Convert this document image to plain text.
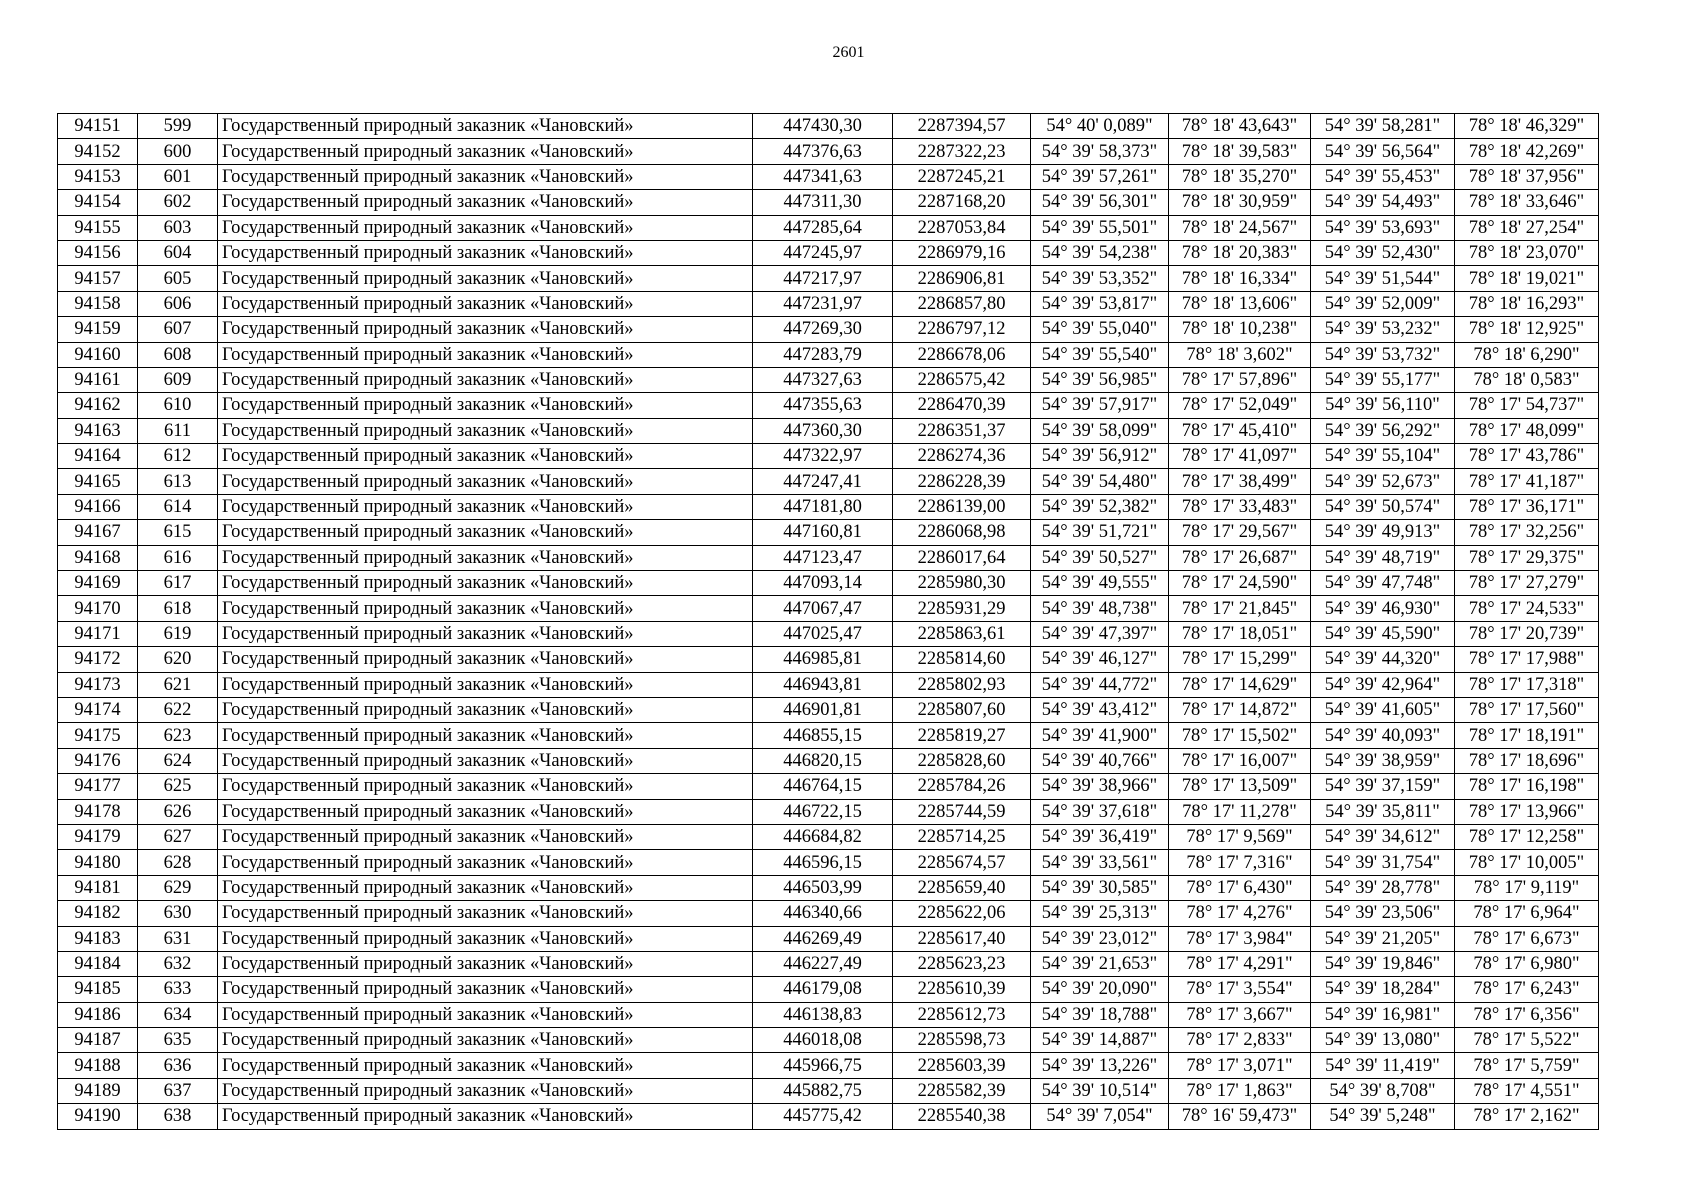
2601
94151	599	Государственный природный заказник «Чановский»	447430,30	2287394,57	54° 40' 0,089"	78° 18' 43,643"	54° 39' 58,281"	78° 18' 46,329"
94152	600	Государственный природный заказник «Чановский»	447376,63	2287322,23	54° 39' 58,373"	78° 18' 39,583"	54° 39' 56,564"	78° 18' 42,269"
94153	601	Государственный природный заказник «Чановский»	447341,63	2287245,21	54° 39' 57,261"	78° 18' 35,270"	54° 39' 55,453"	78° 18' 37,956"
94154	602	Государственный природный заказник «Чановский»	447311,30	2287168,20	54° 39' 56,301"	78° 18' 30,959"	54° 39' 54,493"	78° 18' 33,646"
94155	603	Государственный природный заказник «Чановский»	447285,64	2287053,84	54° 39' 55,501"	78° 18' 24,567"	54° 39' 53,693"	78° 18' 27,254"
94156	604	Государственный природный заказник «Чановский»	447245,97	2286979,16	54° 39' 54,238"	78° 18' 20,383"	54° 39' 52,430"	78° 18' 23,070"
94157	605	Государственный природный заказник «Чановский»	447217,97	2286906,81	54° 39' 53,352"	78° 18' 16,334"	54° 39' 51,544"	78° 18' 19,021"
94158	606	Государственный природный заказник «Чановский»	447231,97	2286857,80	54° 39' 53,817"	78° 18' 13,606"	54° 39' 52,009"	78° 18' 16,293"
94159	607	Государственный природный заказник «Чановский»	447269,30	2286797,12	54° 39' 55,040"	78° 18' 10,238"	54° 39' 53,232"	78° 18' 12,925"
94160	608	Государственный природный заказник «Чановский»	447283,79	2286678,06	54° 39' 55,540"	78° 18' 3,602"	54° 39' 53,732"	78° 18' 6,290"
94161	609	Государственный природный заказник «Чановский»	447327,63	2286575,42	54° 39' 56,985"	78° 17' 57,896"	54° 39' 55,177"	78° 18' 0,583"
94162	610	Государственный природный заказник «Чановский»	447355,63	2286470,39	54° 39' 57,917"	78° 17' 52,049"	54° 39' 56,110"	78° 17' 54,737"
94163	611	Государственный природный заказник «Чановский»	447360,30	2286351,37	54° 39' 58,099"	78° 17' 45,410"	54° 39' 56,292"	78° 17' 48,099"
94164	612	Государственный природный заказник «Чановский»	447322,97	2286274,36	54° 39' 56,912"	78° 17' 41,097"	54° 39' 55,104"	78° 17' 43,786"
94165	613	Государственный природный заказник «Чановский»	447247,41	2286228,39	54° 39' 54,480"	78° 17' 38,499"	54° 39' 52,673"	78° 17' 41,187"
94166	614	Государственный природный заказник «Чановский»	447181,80	2286139,00	54° 39' 52,382"	78° 17' 33,483"	54° 39' 50,574"	78° 17' 36,171"
94167	615	Государственный природный заказник «Чановский»	447160,81	2286068,98	54° 39' 51,721"	78° 17' 29,567"	54° 39' 49,913"	78° 17' 32,256"
94168	616	Государственный природный заказник «Чановский»	447123,47	2286017,64	54° 39' 50,527"	78° 17' 26,687"	54° 39' 48,719"	78° 17' 29,375"
94169	617	Государственный природный заказник «Чановский»	447093,14	2285980,30	54° 39' 49,555"	78° 17' 24,590"	54° 39' 47,748"	78° 17' 27,279"
94170	618	Государственный природный заказник «Чановский»	447067,47	2285931,29	54° 39' 48,738"	78° 17' 21,845"	54° 39' 46,930"	78° 17' 24,533"
94171	619	Государственный природный заказник «Чановский»	447025,47	2285863,61	54° 39' 47,397"	78° 17' 18,051"	54° 39' 45,590"	78° 17' 20,739"
94172	620	Государственный природный заказник «Чановский»	446985,81	2285814,60	54° 39' 46,127"	78° 17' 15,299"	54° 39' 44,320"	78° 17' 17,988"
94173	621	Государственный природный заказник «Чановский»	446943,81	2285802,93	54° 39' 44,772"	78° 17' 14,629"	54° 39' 42,964"	78° 17' 17,318"
94174	622	Государственный природный заказник «Чановский»	446901,81	2285807,60	54° 39' 43,412"	78° 17' 14,872"	54° 39' 41,605"	78° 17' 17,560"
94175	623	Государственный природный заказник «Чановский»	446855,15	2285819,27	54° 39' 41,900"	78° 17' 15,502"	54° 39' 40,093"	78° 17' 18,191"
94176	624	Государственный природный заказник «Чановский»	446820,15	2285828,60	54° 39' 40,766"	78° 17' 16,007"	54° 39' 38,959"	78° 17' 18,696"
94177	625	Государственный природный заказник «Чановский»	446764,15	2285784,26	54° 39' 38,966"	78° 17' 13,509"	54° 39' 37,159"	78° 17' 16,198"
94178	626	Государственный природный заказник «Чановский»	446722,15	2285744,59	54° 39' 37,618"	78° 17' 11,278"	54° 39' 35,811"	78° 17' 13,966"
94179	627	Государственный природный заказник «Чановский»	446684,82	2285714,25	54° 39' 36,419"	78° 17' 9,569"	54° 39' 34,612"	78° 17' 12,258"
94180	628	Государственный природный заказник «Чановский»	446596,15	2285674,57	54° 39' 33,561"	78° 17' 7,316"	54° 39' 31,754"	78° 17' 10,005"
94181	629	Государственный природный заказник «Чановский»	446503,99	2285659,40	54° 39' 30,585"	78° 17' 6,430"	54° 39' 28,778"	78° 17' 9,119"
94182	630	Государственный природный заказник «Чановский»	446340,66	2285622,06	54° 39' 25,313"	78° 17' 4,276"	54° 39' 23,506"	78° 17' 6,964"
94183	631	Государственный природный заказник «Чановский»	446269,49	2285617,40	54° 39' 23,012"	78° 17' 3,984"	54° 39' 21,205"	78° 17' 6,673"
94184	632	Государственный природный заказник «Чановский»	446227,49	2285623,23	54° 39' 21,653"	78° 17' 4,291"	54° 39' 19,846"	78° 17' 6,980"
94185	633	Государственный природный заказник «Чановский»	446179,08	2285610,39	54° 39' 20,090"	78° 17' 3,554"	54° 39' 18,284"	78° 17' 6,243"
94186	634	Государственный природный заказник «Чановский»	446138,83	2285612,73	54° 39' 18,788"	78° 17' 3,667"	54° 39' 16,981"	78° 17' 6,356"
94187	635	Государственный природный заказник «Чановский»	446018,08	2285598,73	54° 39' 14,887"	78° 17' 2,833"	54° 39' 13,080"	78° 17' 5,522"
94188	636	Государственный природный заказник «Чановский»	445966,75	2285603,39	54° 39' 13,226"	78° 17' 3,071"	54° 39' 11,419"	78° 17' 5,759"
94189	637	Государственный природный заказник «Чановский»	445882,75	2285582,39	54° 39' 10,514"	78° 17' 1,863"	54° 39' 8,708"	78° 17' 4,551"
94190	638	Государственный природный заказник «Чановский»	445775,42	2285540,38	54° 39' 7,054"	78° 16' 59,473"	54° 39' 5,248"	78° 17' 2,162"
